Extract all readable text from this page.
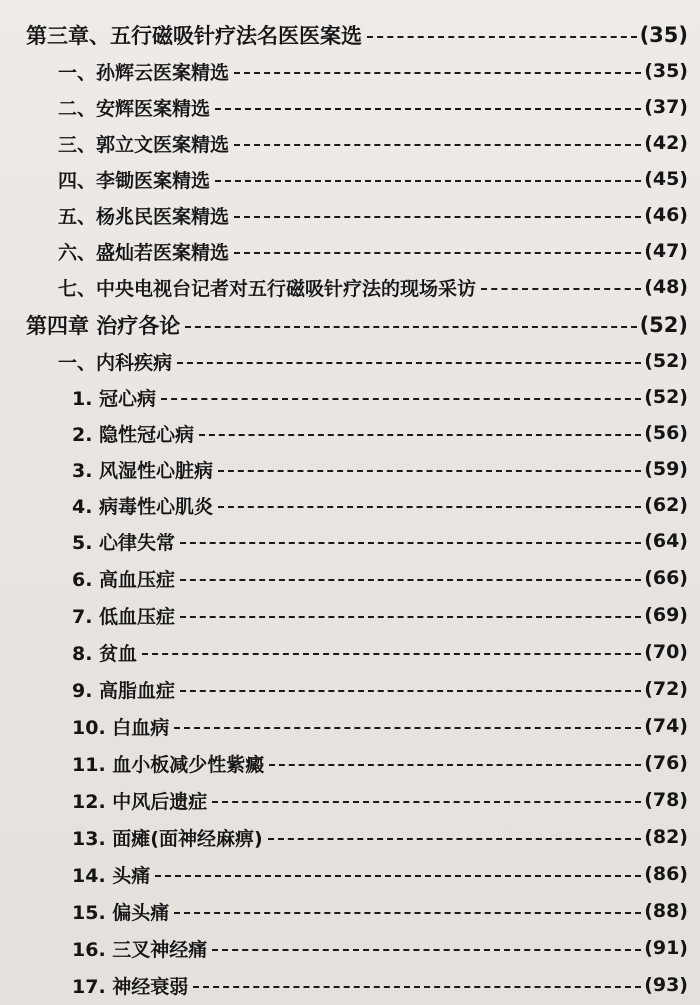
第三章、五行磁吸针疗法名医医案选	(35)
一、孙辉云医案精选	(35)
二、安辉医案精选	(37)
三、郭立文医案精选	(42)
四、李锄医案精选	(45)
五、杨兆民医案精选	(46)
六、盛灿若医案精选	(47)
七、中央电视台记者对五行磁吸针疗法的现场采访	(48)
第四章 治疗各论	(52)
一、内科疾病	(52)
1. 冠心病	(52)
2. 隐性冠心病	(56)
3. 风湿性心脏病	(59)
4. 病毒性心肌炎	(62)
5. 心律失常	(64)
6. 高血压症	(66)
7. 低血压症	(69)
8. 贫血	(70)
9. 高脂血症	(72)
10. 白血病	(74)
11. 血小板减少性紫癜	(76)
12. 中风后遗症	(78)
13. 面瘫(面神经麻痹)	(82)
14. 头痛	(86)
15. 偏头痛	(88)
16. 三叉神经痛	(91)
17. 神经衰弱	(93)
